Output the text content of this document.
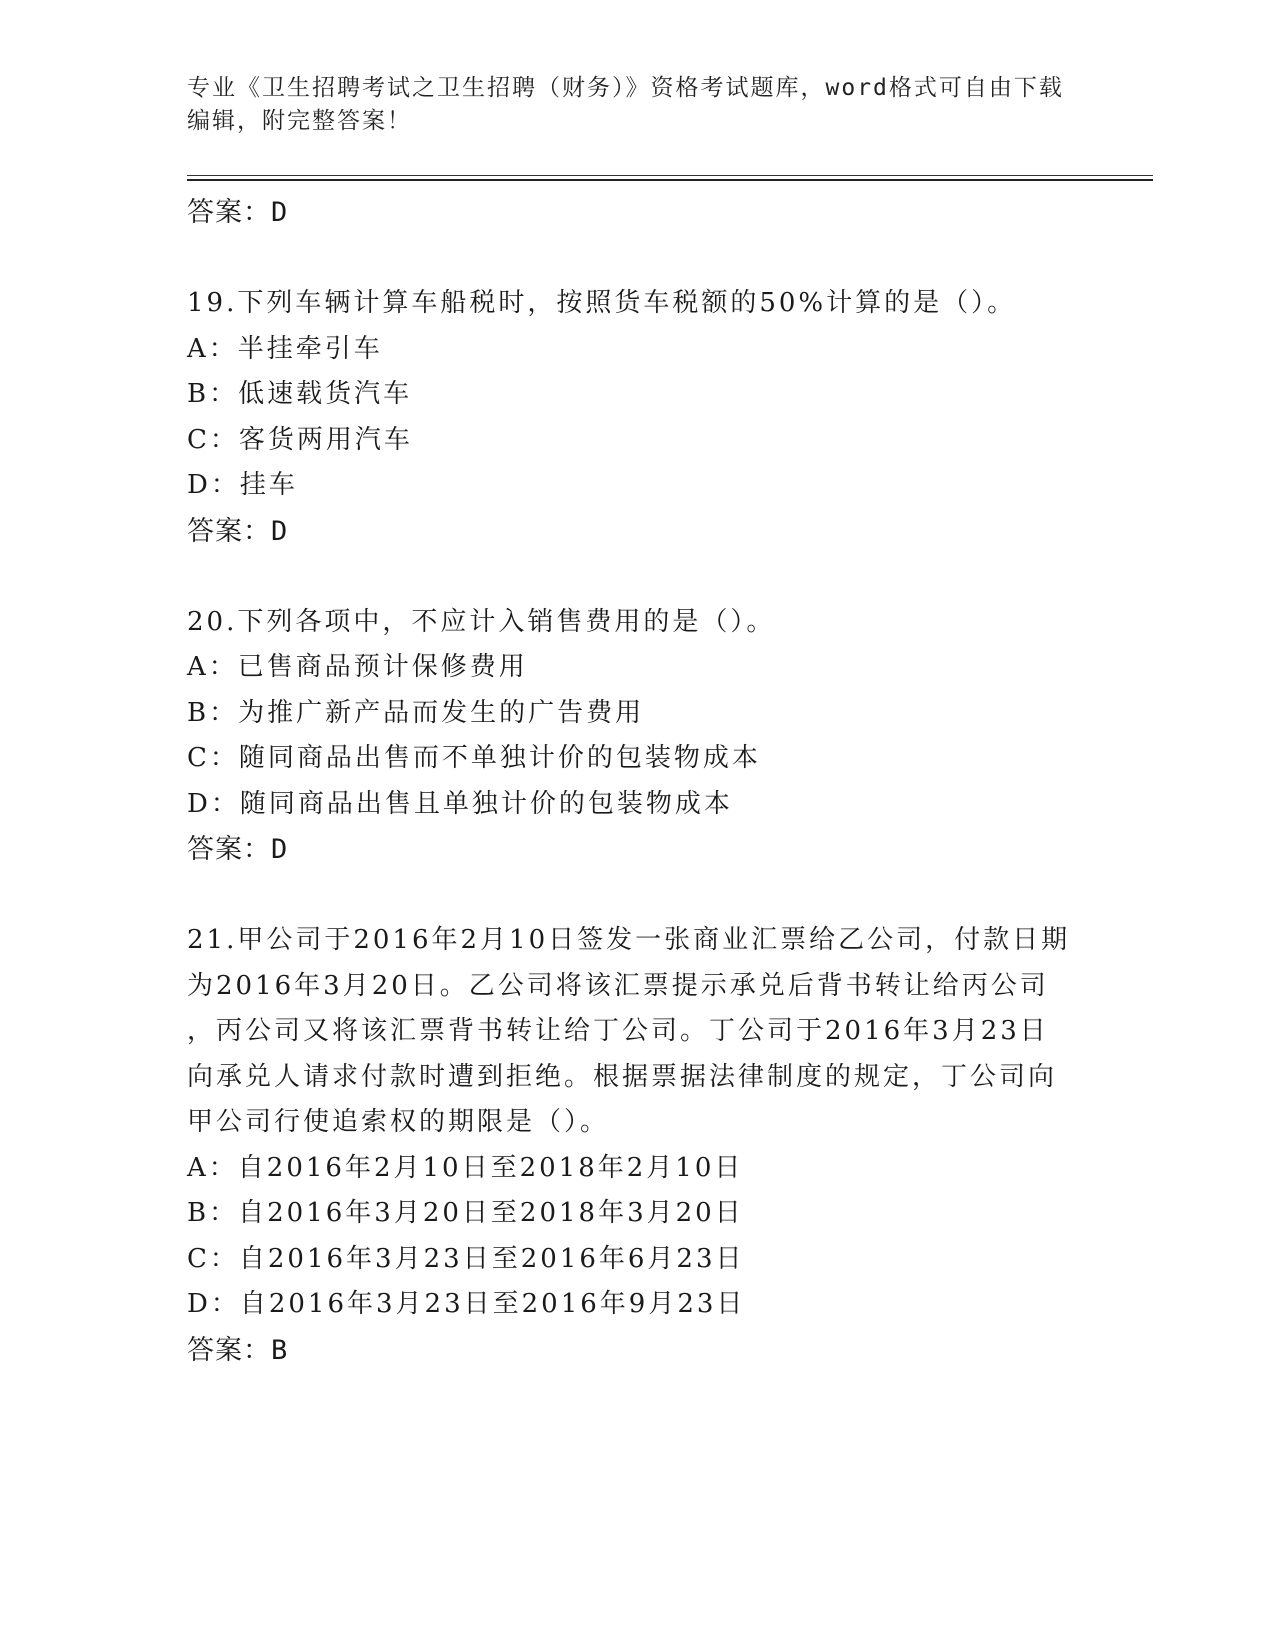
专业《卫生招聘考试之卫生招聘（财务）》资格考试题库，word格式可自由下载
编辑，附完整答案！
答案：D
19.下列车辆计算车船税时，按照货车税额的50%计算的是（）。
A：半挂牵引车
B：低速载货汽车
C：客货两用汽车
D：挂车
答案：D
20.下列各项中，不应计入销售费用的是（）。
A：已售商品预计保修费用
B：为推广新产品而发生的广告费用
C：随同商品出售而不单独计价的包装物成本
D：随同商品出售且单独计价的包装物成本
答案：D
21.甲公司于2016年2月10日签发一张商业汇票给乙公司，付款日期
为2016年3月20日。乙公司将该汇票提示承兑后背书转让给丙公司
，丙公司又将该汇票背书转让给丁公司。丁公司于2016年3月23日
向承兑人请求付款时遭到拒绝。根据票据法律制度的规定，丁公司向
甲公司行使追索权的期限是（）。
A：自2016年2月10日至2018年2月10日
B：自2016年3月20日至2018年3月20日
C：自2016年3月23日至2016年6月23日
D：自2016年3月23日至2016年9月23日
答案：B
